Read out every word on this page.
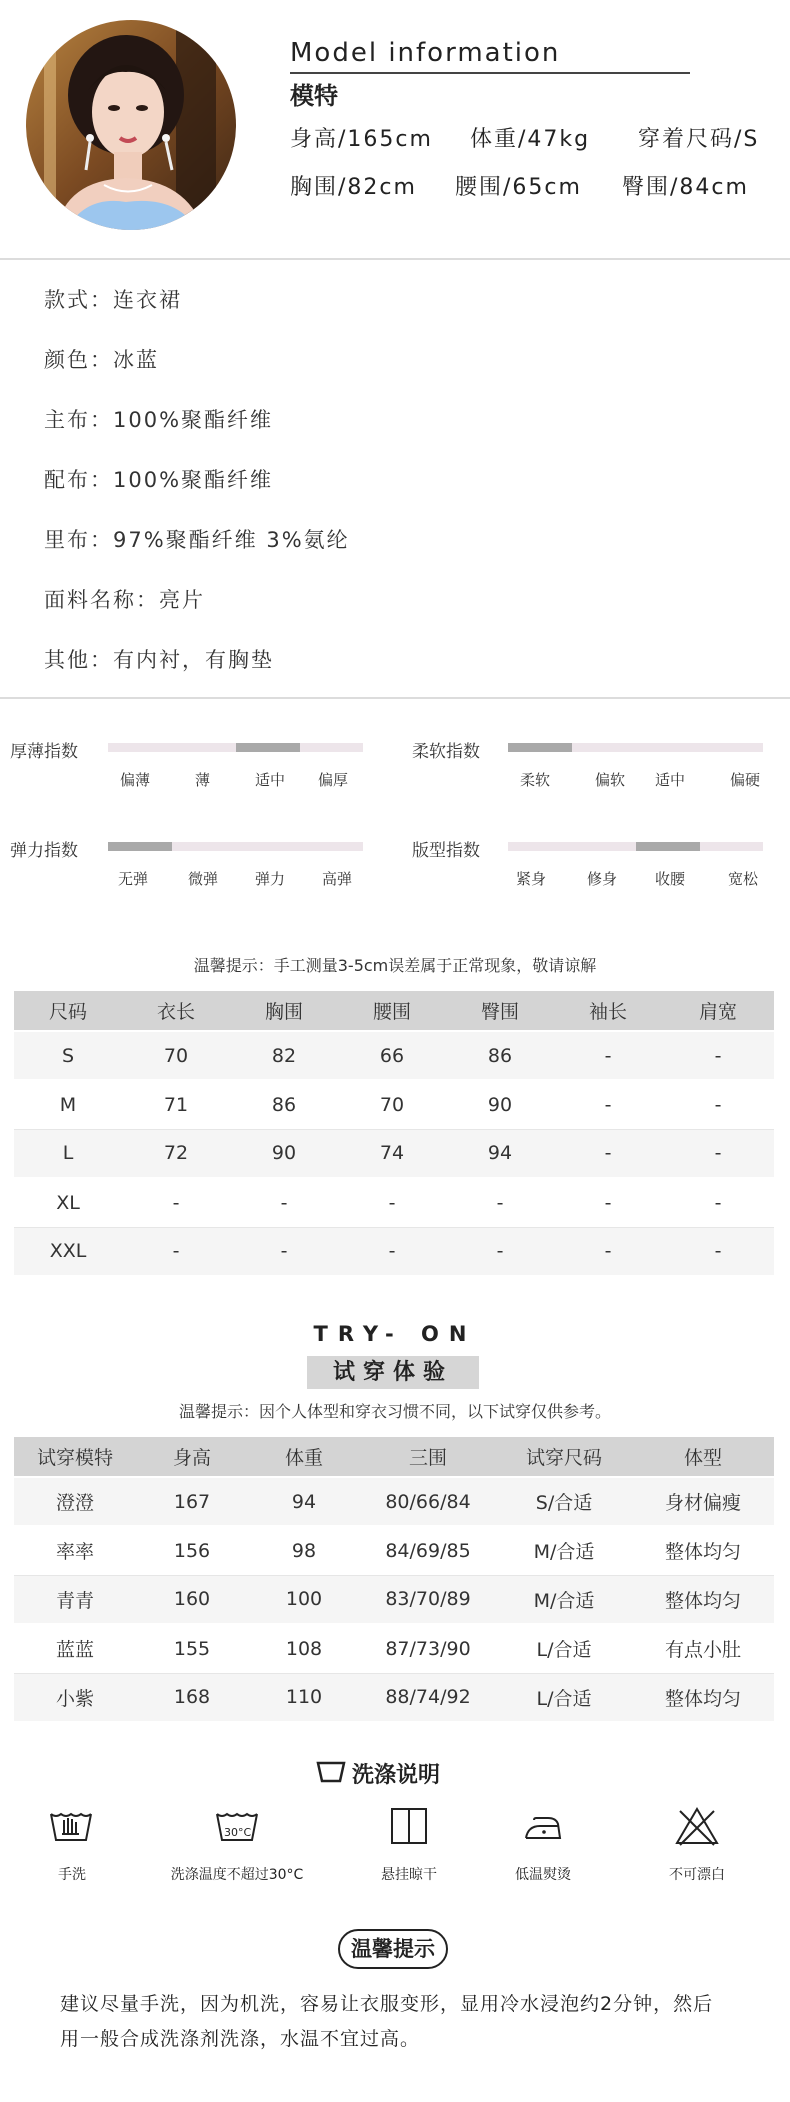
Model information
模特
身高/165cm 体重/47kg 穿着尺码/S
胸围/82cm 腰围/65cm 臀围/84cm
款式：连衣裙
颜色：冰蓝
主布：100%聚酯纤维
配布：100%聚酯纤维
里布：97%聚酯纤维 3%氨纶
面料名称：亮片
其他：有内衬，有胸垫
厚薄指数
偏薄	薄	适中 偏厚
柔软指数
柔软	偏软 适中	偏硬
弹力指数
无弹	微弹 弹力 高弹
版型指数
紧身	修身	收腰	宽松
温馨提示：手工测量3-5cm误差属于正常现象，敬请谅解
尺码	衣长	胸围	腰围	臀围	袖长	肩宽
S	70	82	66	86	-	-
M	71	86	70	90	-	-
L	72	90	74	94	-	-
XL	-	-	-	-	-	-
XXL	-	-	-	-	-	-
TRY- ON
试穿体验
温馨提示：因个人体型和穿衣习惯不同，以下试穿仅供参考。
试穿模特	身高	体重	三围	试穿尺码	体型
澄澄	167	94	80/66/84	S/合适	身材偏瘦
率率	156	98	84/69/85	M/合适	整体均匀
青青	160	100	83/70/89	M/合适	整体均匀
蓝蓝	155	108	87/73/90	L/合适	有点小肚
小紫	168	110	88/74/92	L/合适	整体均匀
洗涤说明
手洗
30°C
洗涤温度不超过30°C	悬挂晾干	低温熨烫	不可漂白
温馨提示
建议尽量手洗，因为机洗，容易让衣服变形，显用冷水浸泡约2分钟，然后
用一般合成洗涤剂洗涤，水温不宜过高。
